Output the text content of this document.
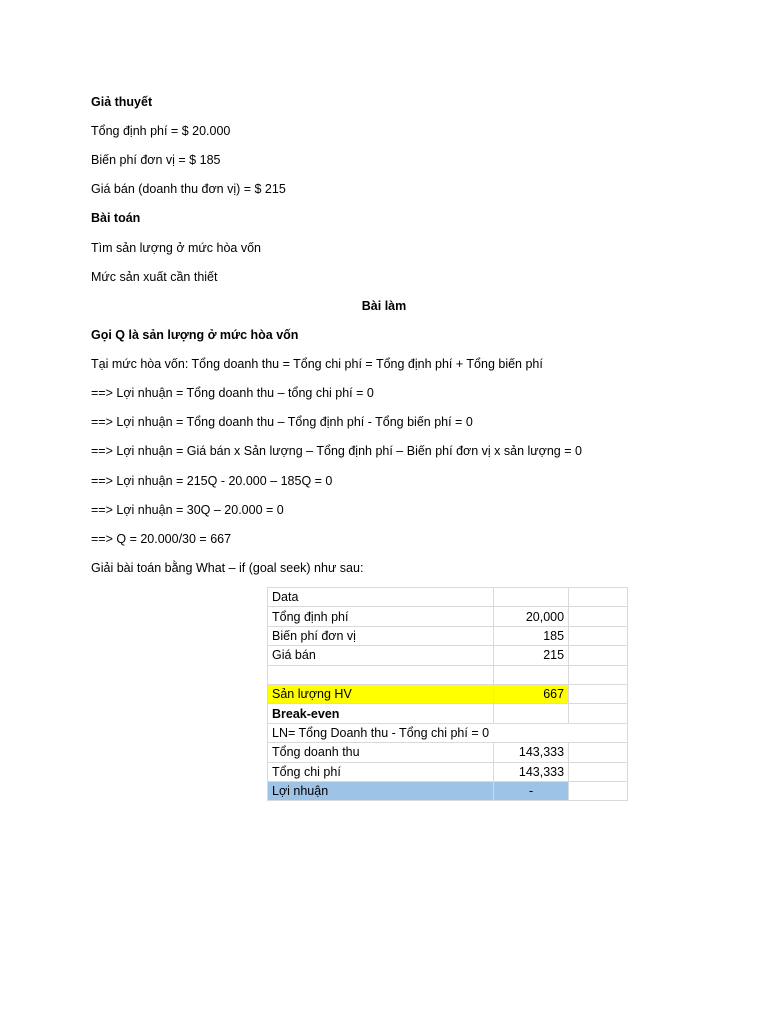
Giả thuyết
Tổng định phí = $ 20.000
Biến phí đơn vị = $ 185
Giá bán (doanh thu đơn vị) = $ 215
Bài toán
Tìm sản lượng ở mức hòa vốn
Mức sản xuất cần thiết
Bài làm
Gọi Q là sản lượng ở mức hòa vốn
Tại mức hòa vốn: Tổng doanh thu = Tổng chi phí = Tổng định phí + Tổng biến phí
==> Lợi nhuận = Tổng doanh thu – tổng chi phí = 0
==> Lợi nhuận = Tổng doanh thu – Tổng định phí - Tổng biến phí = 0
==> Lợi nhuận = Giá bán x Sản lượng – Tổng định phí – Biến phí đơn vị x sản lượng = 0
==> Lợi nhuận = 215Q - 20.000 – 185Q = 0
==> Lợi nhuận = 30Q – 20.000 = 0
==> Q = 20.000/30 = 667
Giải bài toán bằng What – if (goal seek) như sau:
Data		
Tổng định phí	20,000	
Biến phí đơn vị	185	
Giá bán	215	

Sản lượng HV	667	
Break-even		
LN= Tổng Doanh thu - Tổng chi phí = 0		
Tổng doanh thu	143,333	
Tổng chi phí	143,333	
Lợi nhuận	-	
